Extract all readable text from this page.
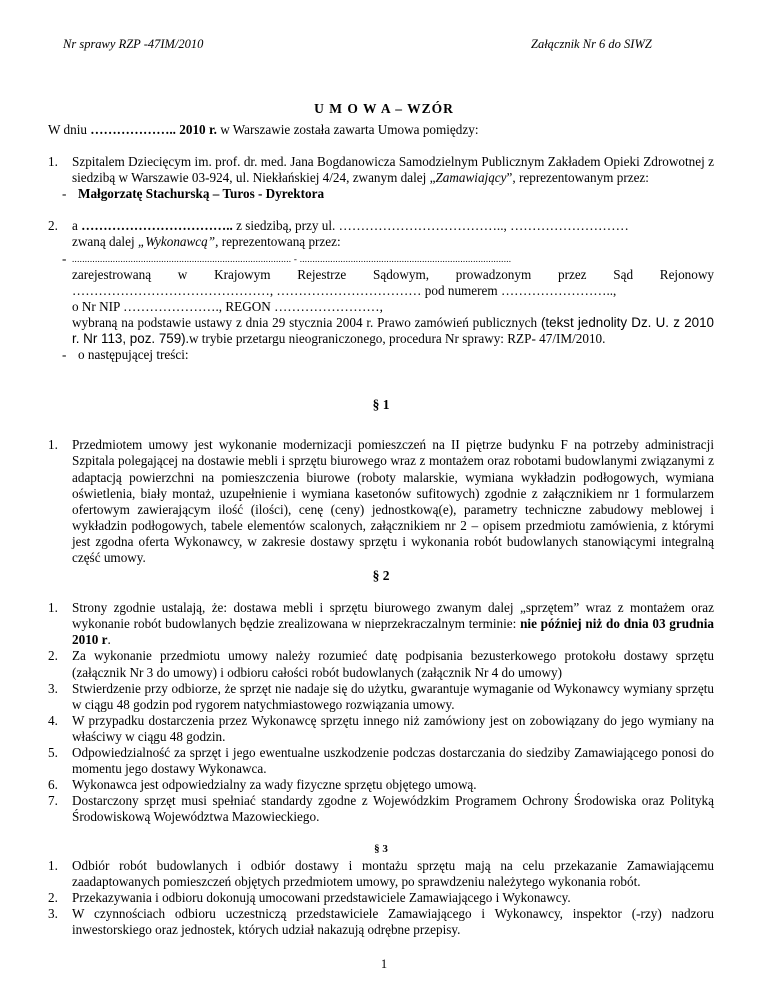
Nr sprawy RZP -47IM/2010	Załącznik Nr 6 do SIWZ
U M O W A – WZÓR

W dniu ……………….. 2010 r. w Warszawie została zawarta Umowa pomiędzy:

1. Szpitalem Dziecięcym im. prof. dr. med. Jana Bogdanowicza Samodzielnym Publicznym Zakładem Opieki Zdrowotnej z siedzibą w Warszawie 03-924, ul. Niekłańskiej 4/24, zwanym dalej „Zamawiający”, reprezentowanym przez:
- Małgorzatę Stachurską – Turos - Dyrektora
2. a …………………………….. z siedzibą, przy ul. ……………………………….., ………………………

zwaną dalej „Wykonawcą”, reprezentowaną przez:

- ...................................................................................... - ...................................................................................

zarejestrowaną w Krajowym Rejestrze Sądowym, prowadzonym przez Sąd Rejonowy

………………………………………, …………………………… pod numerem ……………………..,

o Nr NIP …………………., REGON ……………………,

wybraną na podstawie ustawy z dnia 29 stycznia 2004 r. Prawo zamówień publicznych (tekst jednolity Dz. U. z 2010 r. Nr 113, poz. 759).w trybie przetargu nieograniczonego, procedura Nr sprawy: RZP- 47/IM/2010.

- o następującej treści:

§ 1

1. Przedmiotem umowy jest wykonanie modernizacji pomieszczeń na II piętrze budynku F na potrzeby administracji Szpitala polegającej na dostawie mebli i sprzętu biurowego wraz z montażem oraz robotami budowlanymi związanymi z adaptacją powierzchni na pomieszczenia biurowe (roboty malarskie, wymiana wykładzin podłogowych, wymiana oświetlenia, biały montaż, uzupełnienie i wymiana kasetonów sufitowych) zgodnie z załącznikiem nr 1 formularzem ofertowym zawierającym ilość (ilości), cenę (ceny) jednostkową(e), parametry techniczne zabudowy meblowej i wykładzin podłogowych, tabele elementów scalonych, załącznikiem nr 2 – opisem przedmiotu zamówienia, z którymi jest zgodna oferta Wykonawcy, w zakresie dostawy sprzętu i wykonania robót budowlanych stanowiącymi integralną część umowy.

§ 2

1. Strony zgodnie ustalają, że: dostawa mebli i sprzętu biurowego zwanym dalej „sprzętem” wraz z montażem oraz wykonanie robót budowlanych będzie zrealizowana w nieprzekraczalnym terminie: nie później niż do dnia 03 grudnia 2010 r.
2. Za wykonanie przedmiotu umowy należy rozumieć datę podpisania bezusterkowego protokołu dostawy sprzętu (załącznik Nr 3 do umowy) i odbioru całości robót budowlanych (załącznik Nr 4 do umowy)
3. Stwierdzenie przy odbiorze, że sprzęt nie nadaje się do użytku, gwarantuje wymaganie od Wykonawcy wymiany sprzętu w ciągu 48 godzin pod rygorem natychmiastowego rozwiązania umowy.
4. W przypadku dostarczenia przez Wykonawcę sprzętu innego niż zamówiony jest on zobowiązany do jego wymiany na właściwy w ciągu 48 godzin.
5. Odpowiedzialność za sprzęt i jego ewentualne uszkodzenie podczas dostarczania do siedziby Zamawiającego ponosi do momentu jego dostawy Wykonawca.
6. Wykonawca jest odpowiedzialny za wady fizyczne sprzętu objętego umową.
7. Dostarczony sprzęt musi spełniać standardy zgodne z Wojewódzkim Programem Ochrony Środowiska oraz Polityką Środowiskową Województwa Mazowieckiego.

§ 3

1. Odbiór robót budowlanych i odbiór dostawy i montażu sprzętu mają na celu przekazanie Zamawiającemu zaadaptowanych pomieszczeń objętych przedmiotem umowy, po sprawdzeniu należytego wykonania robót.
2. Przekazywania i odbioru dokonują umocowani przedstawiciele Zamawiającego i Wykonawcy.
3. W czynnościach odbioru uczestniczą przedstawiciele Zamawiającego i Wykonawcy, inspektor (-rzy) nadzoru inwestorskiego oraz jednostek, których udział nakazują odrębne przepisy.
1
